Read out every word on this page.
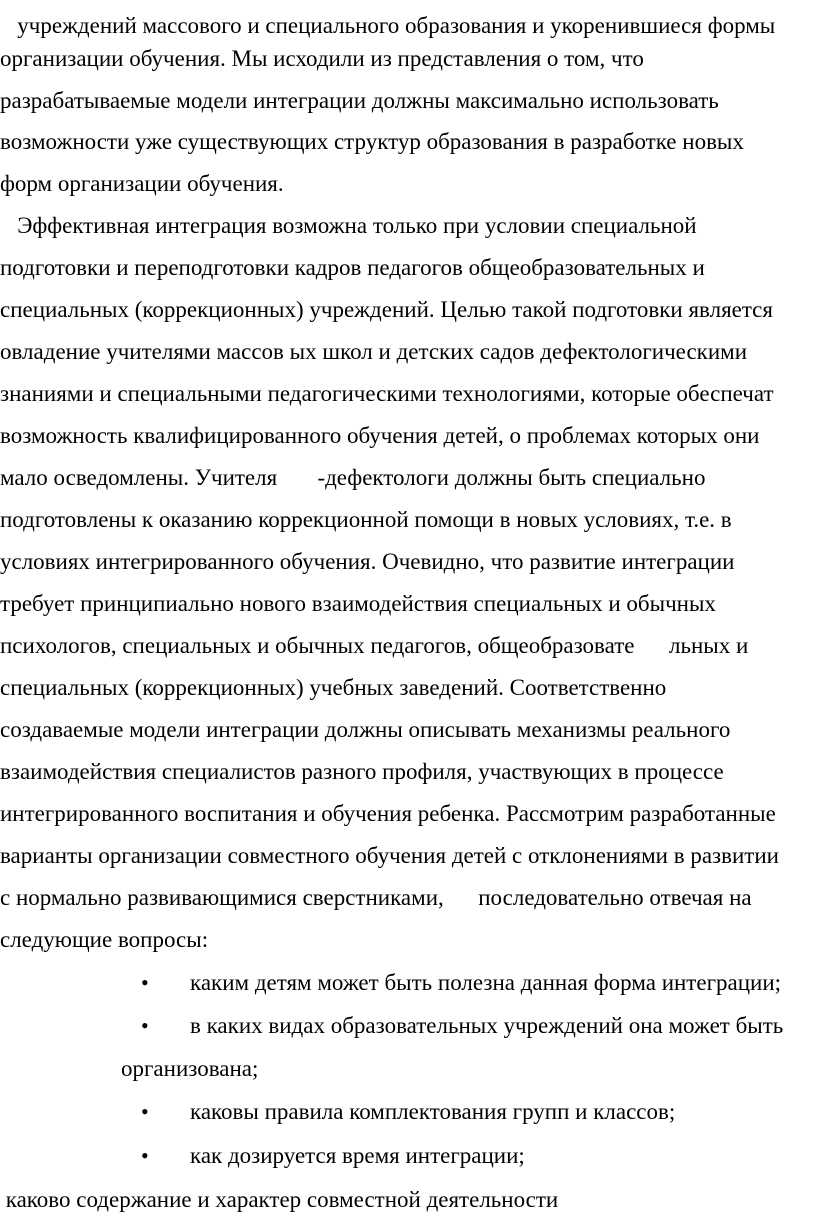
учреждений массового и специального образования и укоренившиеся формы
организации обучения. Мы исходили из представления о том, что
разрабатываемые модели интеграции должны максимально использовать
возможности уже существующих структур образования в разработке новых
форм организации обучения.
Эффективная интеграция возможна только при условии специальной
подготовки и переподготовки кадров педагогов общеобразовательных и
специальных (коррекционных) учреждений. Целью такой подготовки является
овладение учителями массов ых школ и детских садов дефектологическими
знаниями и специальными педагогическими технологиями, которые обеспечат
возможность квалифицированного обучения детей, о проблемах которых они
мало осведомлены. Учителя       -дефектологи должны быть специально
подготовлены к оказанию коррекционной помощи в новых условиях, т.е. в
условиях интегрированного обучения. Очевидно, что развитие интеграции
требует принципиально нового взаимодействия специальных и обычных
психологов, специальных и обычных педагогов, общеобразовате      льных и
специальных (коррекционных) учебных заведений. Соответственно
создаваемые модели интеграции должны описывать механизмы реального
взаимодействия специалистов разного профиля, участвующих в процессе
интегрированного воспитания и обучения ребенка. Рассмотрим разработанные
варианты организации совместного обучения детей с отклонениями в развитии
с нормально развивающимися сверстниками,      последовательно отвечая на
следующие вопросы:
• каким детям может быть полезна данная форма интеграции;
• в каких видах образовательных учреждений она может быть
организована;
• каковы правила комплектования групп и классов;
• как дозируется время интеграции;
каково содержание и характер совместной деятельности
